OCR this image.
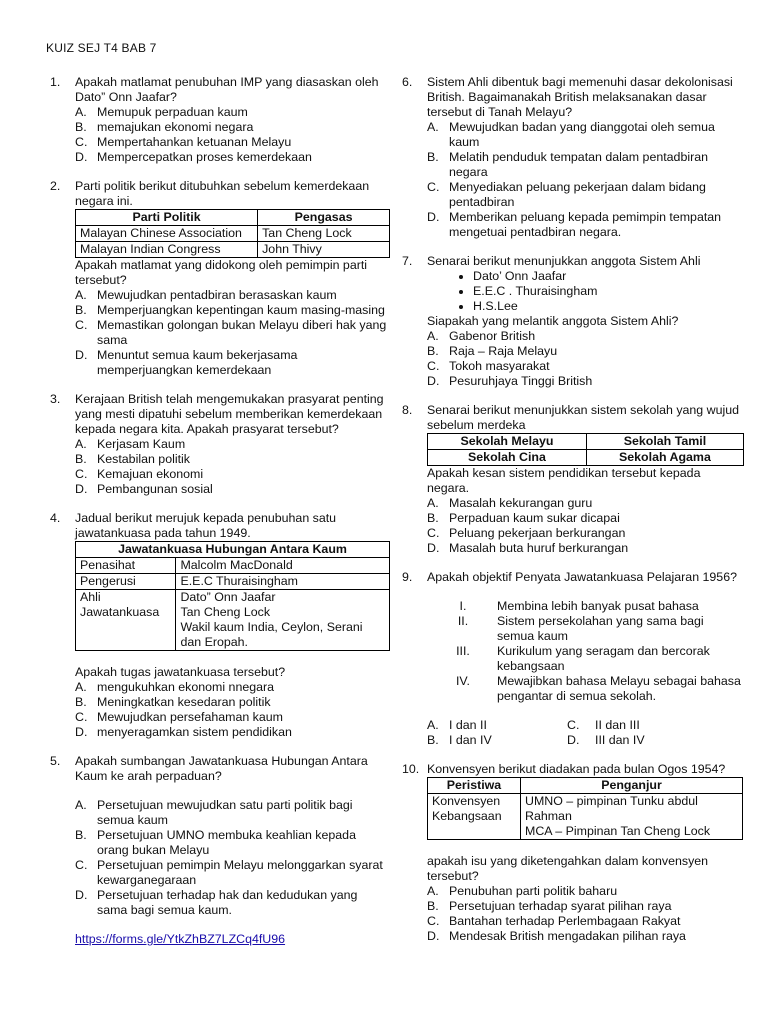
KUIZ SEJ T4 BAB 7
1. Apakah matlamat penubuhan IMP yang diasaskan oleh Dato” Onn Jaafar?
A. Memupuk perpaduan kaum
B. memajukan ekonomi negara
C. Mempertahankan ketuanan Melayu
D. Mempercepatkan proses kemerdekaan
2. Parti politik berikut ditubuhkan sebelum kemerdekaan negara ini.
Parti Politik	Pengasas
Malayan Chinese Association	Tan Cheng Lock
Malayan Indian Congress	John Thivy
Apakah matlamat yang didokong oleh pemimpin parti tersebut?
A. Mewujudkan pentadbiran berasaskan kaum
B. Memperjuangkan kepentingan kaum masing-masing
C. Memastikan golongan bukan Melayu diberi hak yang sama
D. Menuntut semua kaum bekerjasama memperjuangkan kemerdekaan
3. Kerajaan British telah mengemukakan prasyarat penting yang mesti dipatuhi sebelum memberikan kemerdekaan kepada negara kita. Apakah prasyarat tersebut?
A. Kerjasam Kaum
B. Kestabilan politik
C. Kemajuan ekonomi
D. Pembangunan sosial
4. Jadual berikut merujuk kepada penubuhan satu jawatankuasa pada tahun 1949.
Jawatankuasa Hubungan Antara Kaum	
Penasihat	Malcolm MacDonald
Pengerusi	E.E.C Thuraisingham
Ahli Jawatankuasa	Dato” Onn Jaafar
Tan Cheng Lock
Wakil kaum India, Ceylon, Serani dan Eropah.
Apakah tugas jawatankuasa tersebut?
A. mengukuhkan ekonomi nnegara
B. Meningkatkan kesedaran politik
C. Mewujudkan persefahaman kaum
D. menyeragamkan sistem pendidikan
5. Apakah sumbangan Jawatankuasa Hubungan Antara Kaum ke arah perpaduan?
A. Persetujuan mewujudkan satu parti politik bagi semua kaum
B. Persetujuan UMNO membuka keahlian kepada orang bukan Melayu
C. Persetujuan pemimpin Melayu melonggarkan syarat kewarganegaraan
D. Persetujuan terhadap hak dan kedudukan yang sama bagi semua kaum.
https://forms.gle/YtkZhBZ7LZCq4fU96
6. Sistem Ahli dibentuk bagi memenuhi dasar dekolonisasi British. Bagaimanakah British melaksanakan dasar tersebut di Tanah Melayu?
A. Mewujudkan badan yang dianggotai oleh semua kaum
B. Melatih penduduk tempatan dalam pentadbiran negara
C. Menyediakan peluang pekerjaan dalam bidang pentadbiran
D. Memberikan peluang kepada pemimpin tempatan mengetuai pentadbiran negara.
7. Senarai berikut menunjukkan anggota Sistem Ahli
• Dato’ Onn Jaafar
• E.E.C . Thuraisingham
• H.S.Lee
Siapakah yang melantik anggota Sistem Ahli?
A. Gabenor British
B. Raja – Raja Melayu
C. Tokoh masyarakat
D. Pesuruhjaya Tinggi British
8. Senarai berikut menunjukkan sistem sekolah yang wujud sebelum merdeka
Sekolah Melayu	Sekolah Tamil
Sekolah Cina	Sekolah Agama
Apakah kesan sistem pendidikan tersebut kepada negara.
A. Masalah kekurangan guru
B. Perpaduan kaum sukar dicapai
C. Peluang pekerjaan berkurangan
D. Masalah buta huruf berkurangan
9. Apakah objektif Penyata Jawatankuasa Pelajaran 1956?
I.	Membina lebih banyak pusat bahasa
II.	Sistem persekolahan yang sama bagi semua kaum
III.	Kurikulum yang seragam dan bercorak kebangsaan
IV.	Mewajibkan bahasa Melayu sebagai bahasa pengantar di semua sekolah.
A. I dan II	C. II dan III
B. I dan IV	D. III dan IV
10. Konvensyen berikut diadakan pada bulan Ogos 1954?
Peristiwa	Penganjur
Konvensyen Kebangsaan	UMNO – pimpinan Tunku abdul Rahman
MCA – Pimpinan Tan Cheng Lock
apakah isu yang diketengahkan dalam konvensyen tersebut?
A. Penubuhan parti politik baharu
B. Persetujuan terhadap syarat pilihan raya
C. Bantahan terhadap Perlembagaan Rakyat
D. Mendesak British mengadakan pilihan raya
